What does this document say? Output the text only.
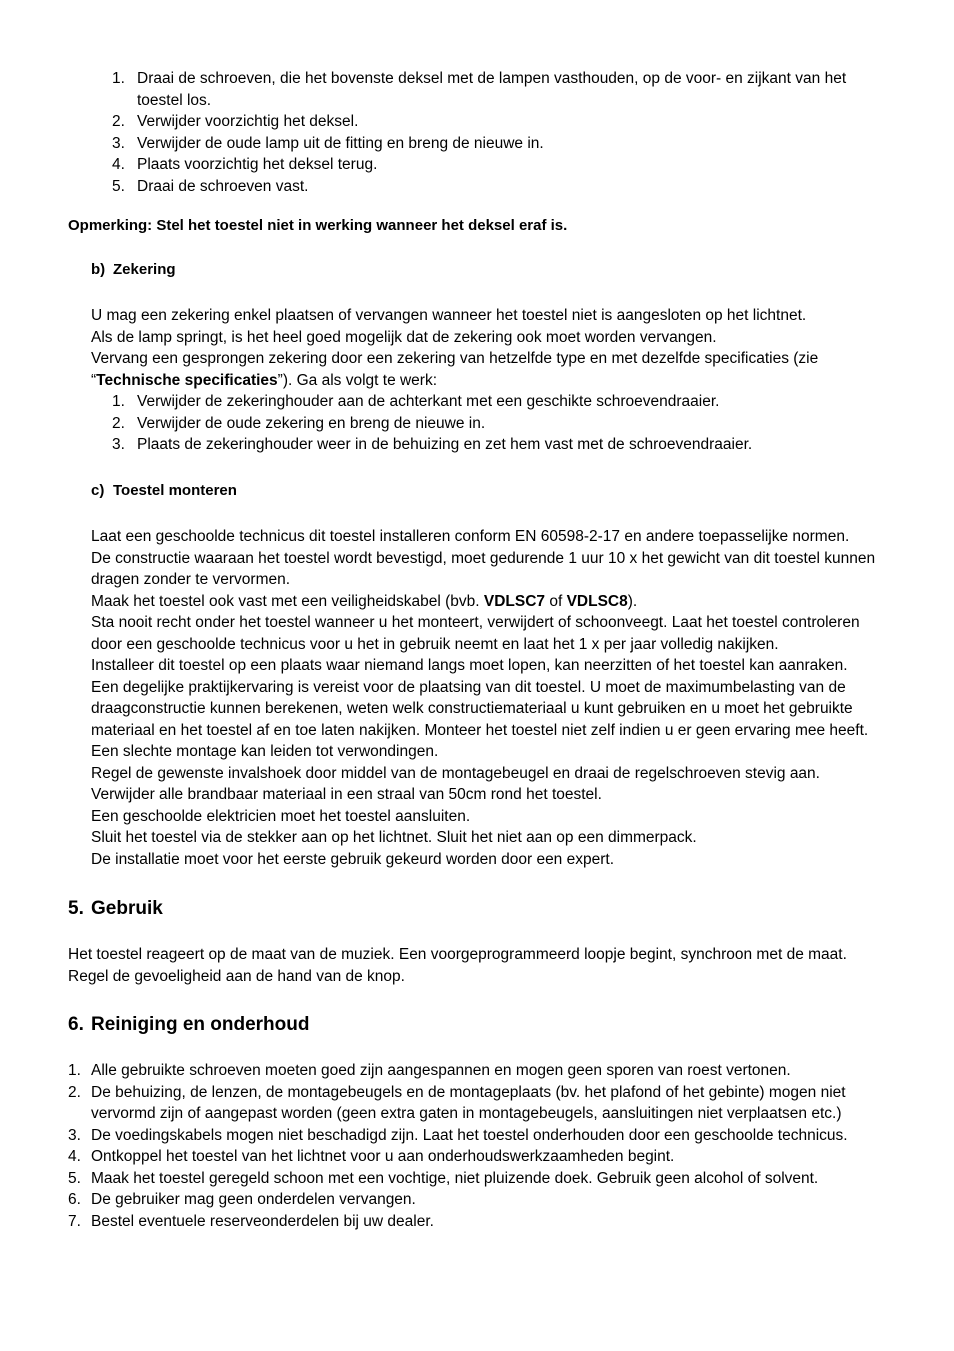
1. Draai de schroeven, die het bovenste deksel met de lampen vasthouden, op de voor- en zijkant van het toestel los.
2. Verwijder voorzichtig het deksel.
3. Verwijder de oude lamp uit de fitting en breng de nieuwe in.
4. Plaats voorzichtig het deksel terug.
5. Draai de schroeven vast.
Opmerking: Stel het toestel niet in werking wanneer het deksel eraf is.
b) Zekering

U mag een zekering enkel plaatsen of vervangen wanneer het toestel niet is aangesloten op het lichtnet.

Als de lamp springt, is het heel goed mogelijk dat de zekering ook moet worden vervangen.

Vervang een gesprongen zekering door een zekering van hetzelfde type en met dezelfde specificaties (zie

“Technische specificaties”). Ga als volgt te werk:

1. Verwijder de zekeringhouder aan de achterkant met een geschikte schroevendraaier.
2. Verwijder de oude zekering en breng de nieuwe in.
3. Plaats de zekeringhouder weer in de behuizing en zet hem vast met de schroevendraaier.
c) Toestel monteren

Laat een geschoolde technicus dit toestel installeren conform EN 60598-2-17 en andere toepasselijke normen.

De constructie waaraan het toestel wordt bevestigd, moet gedurende 1 uur 10 x het gewicht van dit toestel kunnen dragen zonder te vervormen.

Maak het toestel ook vast met een veiligheidskabel (bvb. VDLSC7 of VDLSC8).

Sta nooit recht onder het toestel wanneer u het monteert, verwijdert of schoonveegt. Laat het toestel controleren door een geschoolde technicus voor u het in gebruik neemt en laat het 1 x per jaar volledig nakijken.

Installeer dit toestel op een plaats waar niemand langs moet lopen, kan neerzitten of het toestel kan aanraken.

Een degelijke praktijkervaring is vereist voor de plaatsing van dit toestel. U moet de maximumbelasting van de draagconstructie kunnen berekenen, weten welk constructiemateriaal u kunt gebruiken en u moet het gebruikte materiaal en het toestel af en toe laten nakijken. Monteer het toestel niet zelf indien u er geen ervaring mee heeft. Een slechte montage kan leiden tot verwondingen.

Regel de gewenste invalshoek door middel van de montagebeugel en draai de regelschroeven stevig aan.

Verwijder alle brandbaar materiaal in een straal van 50cm rond het toestel.

Een geschoolde elektricien moet het toestel aansluiten.

Sluit het toestel via de stekker aan op het lichtnet. Sluit het niet aan op een dimmerpack.

De installatie moet voor het eerste gebruik gekeurd worden door een expert.

5. Gebruik

Het toestel reageert op de maat van de muziek. Een voorgeprogrammeerd loopje begint, synchroon met de maat. Regel de gevoeligheid aan de hand van de knop.

6. Reiniging en onderhoud
1. Alle gebruikte schroeven moeten goed zijn aangespannen en mogen geen sporen van roest vertonen.
2. De behuizing, de lenzen, de montagebeugels en de montageplaats (bv. het plafond of het gebinte) mogen niet vervormd zijn of aangepast worden (geen extra gaten in montagebeugels, aansluitingen niet verplaatsen etc.)
3. De voedingskabels mogen niet beschadigd zijn. Laat het toestel onderhouden door een geschoolde technicus.
4. Ontkoppel het toestel van het lichtnet voor u aan onderhoudswerkzaamheden begint.
5. Maak het toestel geregeld schoon met een vochtige, niet pluizende doek. Gebruik geen alcohol of solvent.
6. De gebruiker mag geen onderdelen vervangen.
7. Bestel eventuele reserveonderdelen bij uw dealer.
